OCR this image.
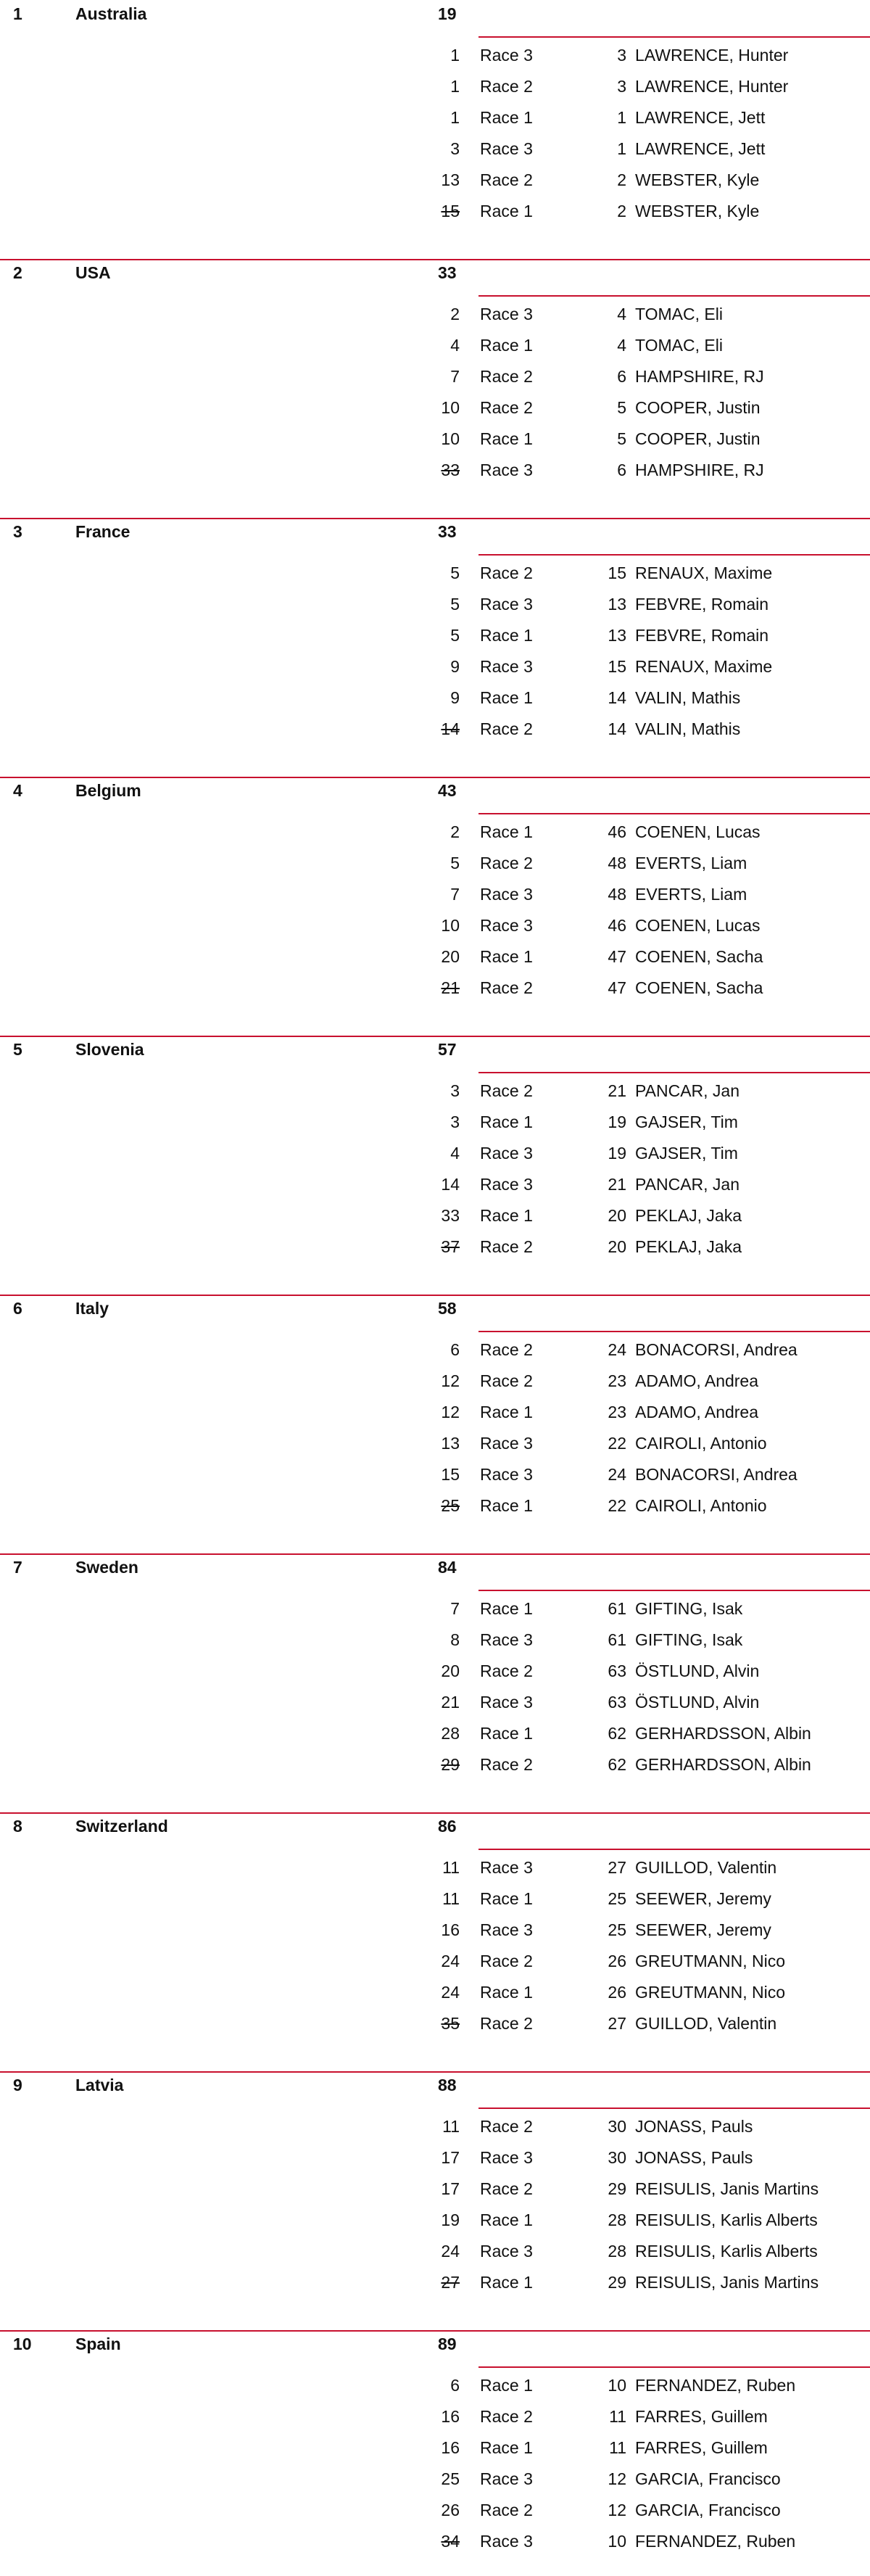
1	Australia	19
1 Race 3	3 LAWRENCE, Hunter
1 Race 2	3 LAWRENCE, Hunter
1 Race 1	1 LAWRENCE, Jett
3 Race 3	1 LAWRENCE, Jett
13 Race 2	2 WEBSTER, Kyle
15 Race 1	2 WEBSTER, Kyle
2	USA	33
2 Race 3	4 TOMAC, Eli
4 Race 1	4 TOMAC, Eli
7 Race 2	6 HAMPSHIRE, RJ
10 Race 2	5 COOPER, Justin
10 Race 1	5 COOPER, Justin
33 Race 3	6 HAMPSHIRE, RJ
3	France	33
5 Race 2	15 RENAUX, Maxime
5 Race 3	13 FEBVRE, Romain
5 Race 1	13 FEBVRE, Romain
9 Race 3	15 RENAUX, Maxime
9 Race 1	14 VALIN, Mathis
14 Race 2	14 VALIN, Mathis
4	Belgium	43
2 Race 1	46 COENEN, Lucas
5 Race 2	48 EVERTS, Liam
7 Race 3	48 EVERTS, Liam
10 Race 3	46 COENEN, Lucas
20 Race 1	47 COENEN, Sacha
21 Race 2	47 COENEN, Sacha
5	Slovenia	57
3 Race 2	21 PANCAR, Jan
3 Race 1	19 GAJSER, Tim
4 Race 3	19 GAJSER, Tim
14 Race 3	21 PANCAR, Jan
33 Race 1	20 PEKLAJ, Jaka
37 Race 2	20 PEKLAJ, Jaka
6	Italy	58
6 Race 2	24 BONACORSI, Andrea
12 Race 2	23 ADAMO, Andrea
12 Race 1	23 ADAMO, Andrea
13 Race 3	22 CAIROLI, Antonio
15 Race 3	24 BONACORSI, Andrea
25 Race 1	22 CAIROLI, Antonio
7	Sweden	84
7 Race 1	61 GIFTING, Isak
8 Race 3	61 GIFTING, Isak
20 Race 2	63 ÖSTLUND, Alvin
21 Race 3	63 ÖSTLUND, Alvin
28 Race 1	62 GERHARDSSON, Albin
29 Race 2	62 GERHARDSSON, Albin
8	Switzerland	86
11 Race 3	27 GUILLOD, Valentin
11 Race 1	25 SEEWER, Jeremy
16 Race 3	25 SEEWER, Jeremy
24 Race 2	26 GREUTMANN, Nico
24 Race 1	26 GREUTMANN, Nico
35 Race 2	27 GUILLOD, Valentin
9	Latvia	88
11 Race 2	30 JONASS, Pauls
17 Race 3	30 JONASS, Pauls
17 Race 2	29 REISULIS, Janis Martins
19 Race 1	28 REISULIS, Karlis Alberts
24 Race 3	28 REISULIS, Karlis Alberts
27 Race 1	29 REISULIS, Janis Martins
10	Spain	89
6 Race 1	10 FERNANDEZ, Ruben
16 Race 2	11 FARRES, Guillem
16 Race 1	11 FARRES, Guillem
25 Race 3	12 GARCIA, Francisco
26 Race 2	12 GARCIA, Francisco
34 Race 3	10 FERNANDEZ, Ruben
